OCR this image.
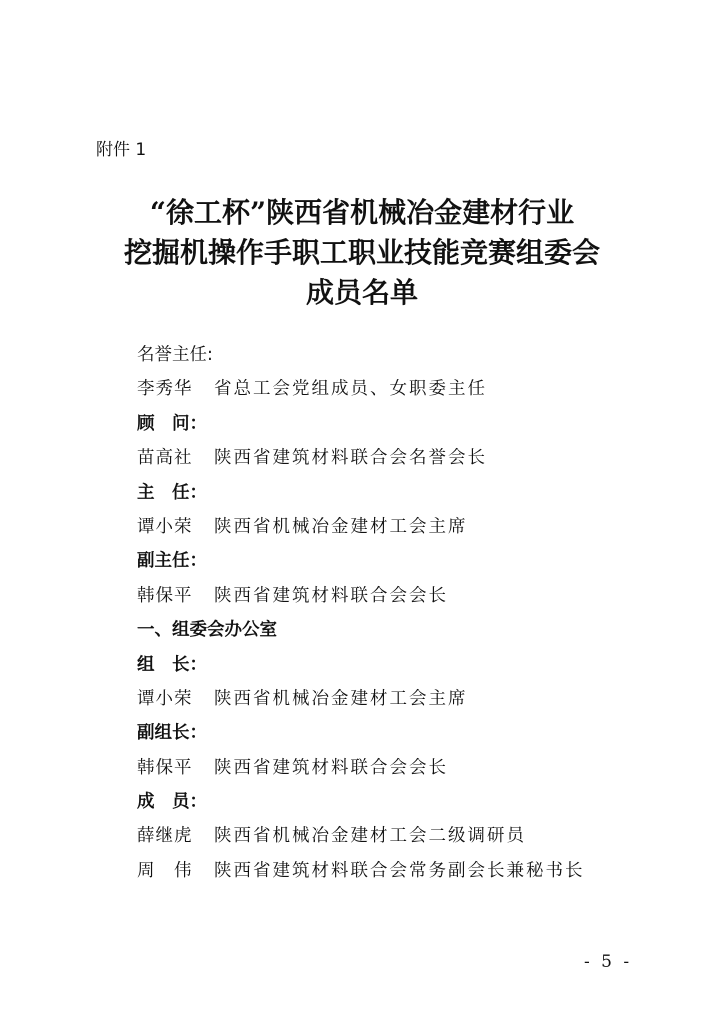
附件 1
“徐工杯”陕西省机械冶金建材行业
挖掘机操作手职工职业技能竞赛组委会
成员名单
名誉主任:
李秀华 省总工会党组成员、女职委主任
顾　问：
苗高社 陕西省建筑材料联合会名誉会长
主　任：
谭小荣 陕西省机械冶金建材工会主席
副主任：
韩保平 陕西省建筑材料联合会会长
一、组委会办公室
组　长：
谭小荣 陕西省机械冶金建材工会主席
副组长：
韩保平 陕西省建筑材料联合会会长
成　员：
薛继虎 陕西省机械冶金建材工会二级调研员
周　伟 陕西省建筑材料联合会常务副会长兼秘书长
- 5 -
